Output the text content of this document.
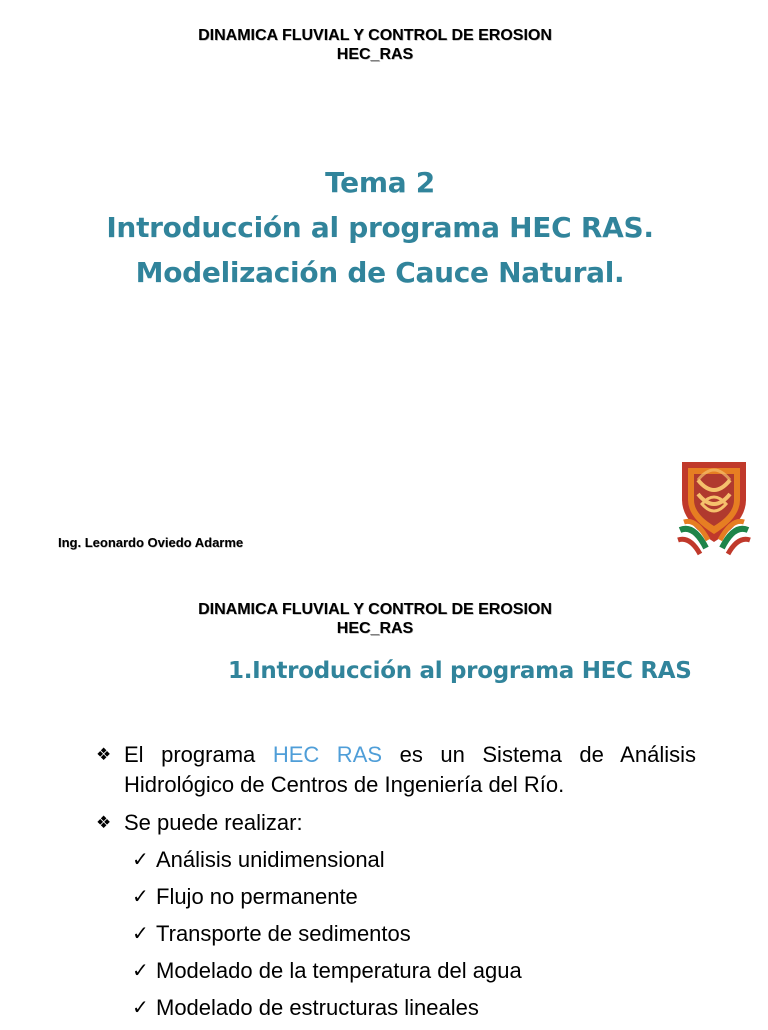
DINAMICA FLUVIAL Y CONTROL DE EROSION
HEC_RAS
Tema 2
Introducción al programa HEC RAS.
Modelización de Cauce Natural.
Ing. Leonardo Oviedo Adarme
DINAMICA FLUVIAL Y CONTROL DE EROSION
HEC_RAS
1.Introducción al programa HEC RAS
❖ El programa HEC RAS es un Sistema de Análisis
Hidrológico de Centros de Ingeniería del Río.
❖ Se puede realizar:
✓ Análisis unidimensional
✓ Flujo no permanente
✓ Transporte de sedimentos
✓ Modelado de la temperatura del agua
✓ Modelado de estructuras lineales
